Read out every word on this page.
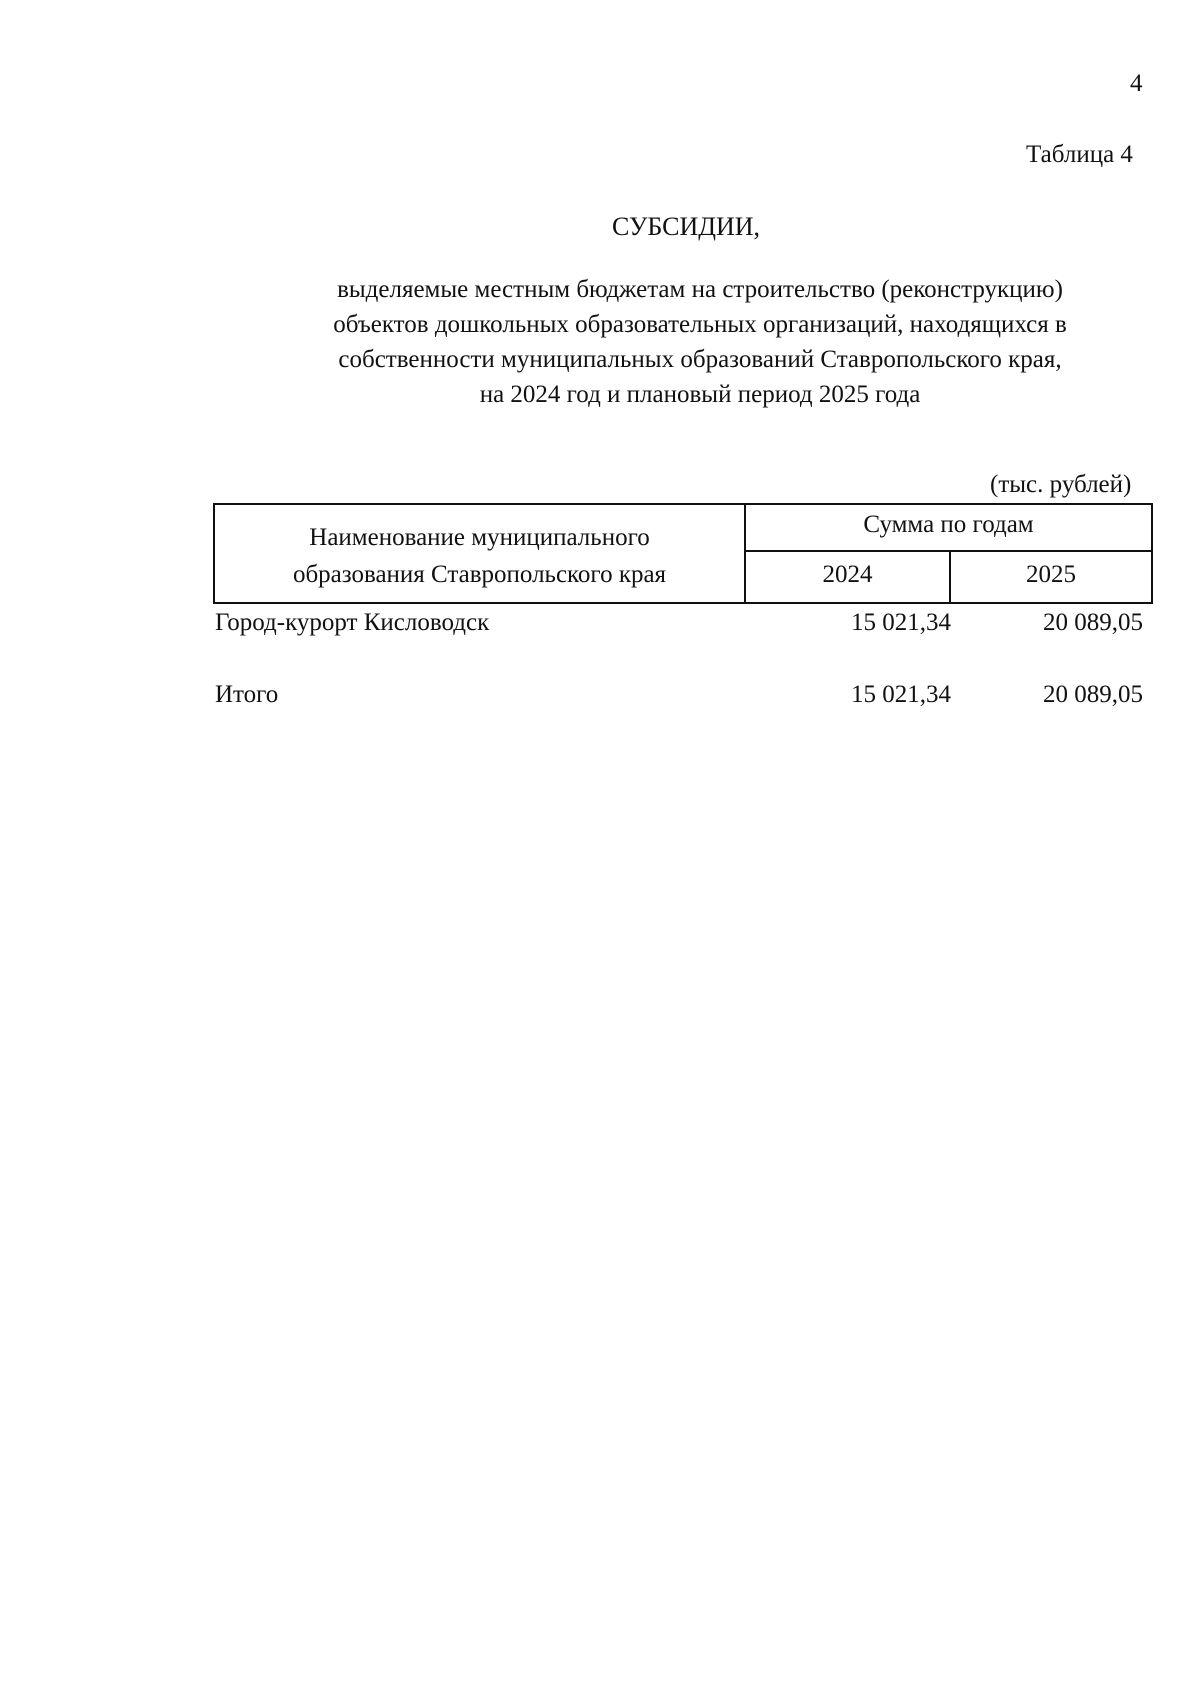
4
Таблица 4
СУБСИДИИ,
выделяемые местным бюджетам на строительство (реконструкцию)
объектов дошкольных образовательных организаций, находящихся в
собственности муниципальных образований Ставропольского края,
на 2024 год и плановый период 2025 года
(тыс. рублей)
Наименование муниципального
образования Ставропольского края
Сумма по годам
2024	2025
Город-курорт Кисловодск	15 021,34	20 089,05
Итого	15 021,34	20 089,05
